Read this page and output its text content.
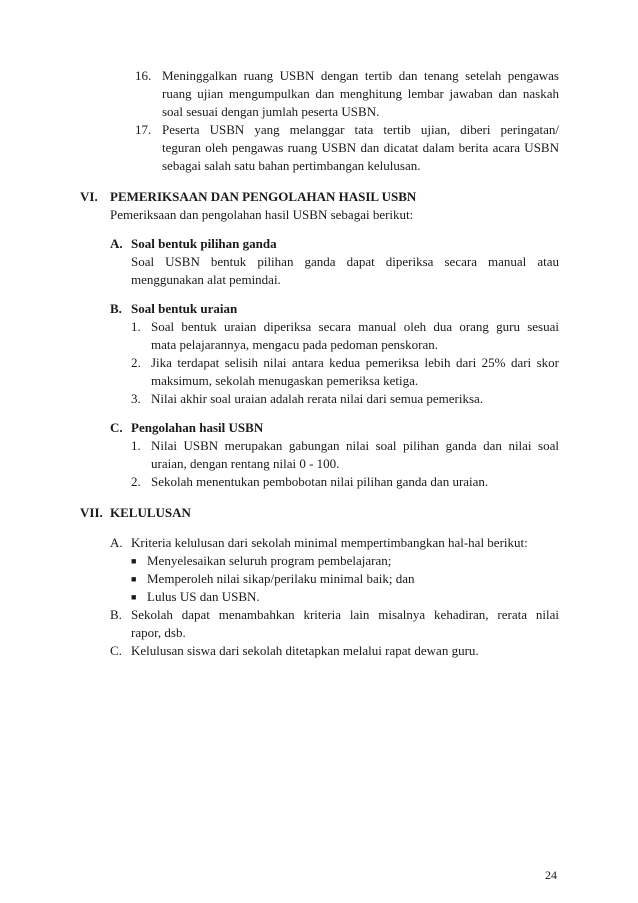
16. Meninggalkan ruang USBN dengan tertib dan tenang setelah pengawas
ruang ujian mengumpulkan dan menghitung lembar jawaban dan naskah
soal sesuai dengan jumlah peserta USBN.
17. Peserta USBN yang melanggar tata tertib ujian, diberi peringatan/
teguran oleh pengawas ruang USBN dan dicatat dalam berita acara USBN
sebagai salah satu bahan pertimbangan kelulusan.
VI. PEMERIKSAAN DAN PENGOLAHAN HASIL USBN
Pemeriksaan dan pengolahan hasil USBN sebagai berikut:
A. Soal bentuk pilihan ganda
Soal USBN bentuk pilihan ganda dapat diperiksa secara manual atau
menggunakan alat pemindai.
B. Soal bentuk uraian
1. Soal bentuk uraian diperiksa secara manual oleh dua orang guru sesuai
mata pelajarannya, mengacu pada pedoman penskoran.
2. Jika terdapat selisih nilai antara kedua pemeriksa lebih dari 25% dari skor
maksimum, sekolah menugaskan pemeriksa ketiga.
3. Nilai akhir soal uraian adalah rerata nilai dari semua pemeriksa.
C. Pengolahan hasil USBN
1. Nilai USBN merupakan gabungan nilai soal pilihan ganda dan nilai soal
uraian, dengan rentang nilai 0 - 100.
2. Sekolah menentukan pembobotan nilai pilihan ganda dan uraian.
VII. KELULUSAN
A. Kriteria kelulusan dari sekolah minimal mempertimbangkan hal-hal berikut:
■ Menyelesaikan seluruh program pembelajaran;
■ Memperoleh nilai sikap/perilaku minimal baik; dan
■ Lulus US dan USBN.
B. Sekolah dapat menambahkan kriteria lain misalnya kehadiran, rerata nilai
rapor, dsb.
C. Kelulusan siswa dari sekolah ditetapkan melalui rapat dewan guru.
24
